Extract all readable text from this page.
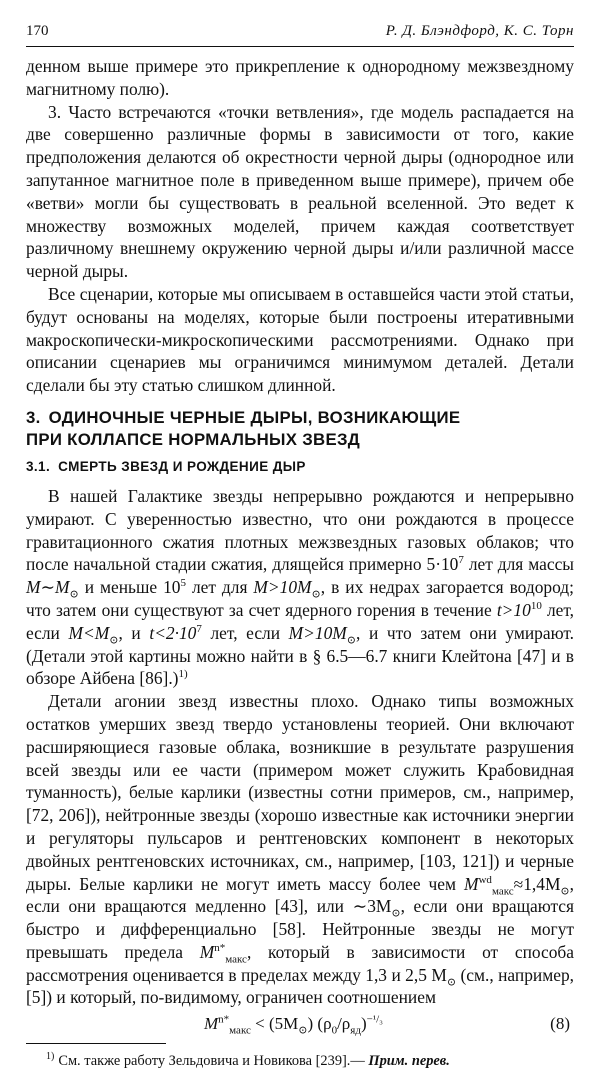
170	Р. Д. Блэндфорд, К. С. Торн

денном выше примере это прикрепление к однородному межзвездному магнитному полю).

3. Часто встречаются «точки ветвления», где модель распадается на две совершенно различные формы в зависимости от того, какие предположения делаются об окрестности черной дыры (однородное или запутанное магнитное поле в приведенном выше примере), причем обе «ветви» могли бы существовать в реальной вселенной. Это ведет к множеству возможных моделей, причем каждая соответствует различному внешнему окружению черной дыры и/или различной массе черной дыры.

Все сценарии, которые мы описываем в оставшейся части этой статьи, будут основаны на моделях, которые были построены итеративными макроскопически-микроскопическими рассмотрениями. Однако при описании сценариев мы ограничимся минимумом деталей. Детали сделали бы эту статью слишком длинной.

3. ОДИНОЧНЫЕ ЧЕРНЫЕ ДЫРЫ, ВОЗНИКАЮЩИЕ
ПРИ КОЛЛАПСЕ НОРМАЛЬНЫХ ЗВЕЗД
3.1. СМЕРТЬ ЗВЕЗД И РОЖДЕНИЕ ДЫР

В нашей Галактике звезды непрерывно рождаются и непрерывно умирают. С уверенностью известно, что они рождаются в процессе гравитационного сжатия плотных межзвездных газовых облаков; что после начальной стадии сжатия, длящейся примерно $5\cdot 10^7$ лет для массы $M\sim M_⊙$ и меньше $10^5$ лет для $M>10M_⊙$, в их недрах загорается водород; что затем они существуют за счет ядерного горения в течение $t>10^{10}$ лет, если $M<M_⊙$, и $t<2\cdot 10^7$ лет, если $M>10M_⊙$, и что затем они умирают. (Детали этой картины можно найти в § 6.5—6.7 книги Клейтона [47] и в обзоре Айбена [86].)$^{1)}$

Детали агонии звезд известны плохо. Однако типы возможных остатков умерших звезд твердо установлены теорией. Они включают расширяющиеся газовые облака, возникшие в результате разрушения всей звезды или ее части (примером может служить Крабовидная туманность), белые карлики (известны сотни примеров, см., например, [72, 206]), нейтронные звезды (хорошо известные как источники энергии и регуляторы пульсаров и рентгеновских компонент в некоторых двойных рентгеновских источниках, см., например, [103, 121]) и черные дыры. Белые карлики не могут иметь массу более чем $M^{wd}_{макс}\approx 1,4M_⊙$, если они вращаются медленно [43], или $\sim 3M_⊙$, если они вращаются быстро и дифференциально [58]. Нейтронные звезды не могут превышать предела $M^{n*}_{макс}$, который в зависимости от способа рассмотрения оценивается в пределах между 1,3 и 2,5 $M_⊙$ (см., например, [5]) и который, по-видимому, ограничен соотношением

$M^{n*}_{макс} < (5M_⊙)$ $(\rho_0/\rho_{яд})^{-^1/_3}$	(8)
$^{1)}$ См. также работу Зельдовича и Новикова [239].— Прим. перев.
